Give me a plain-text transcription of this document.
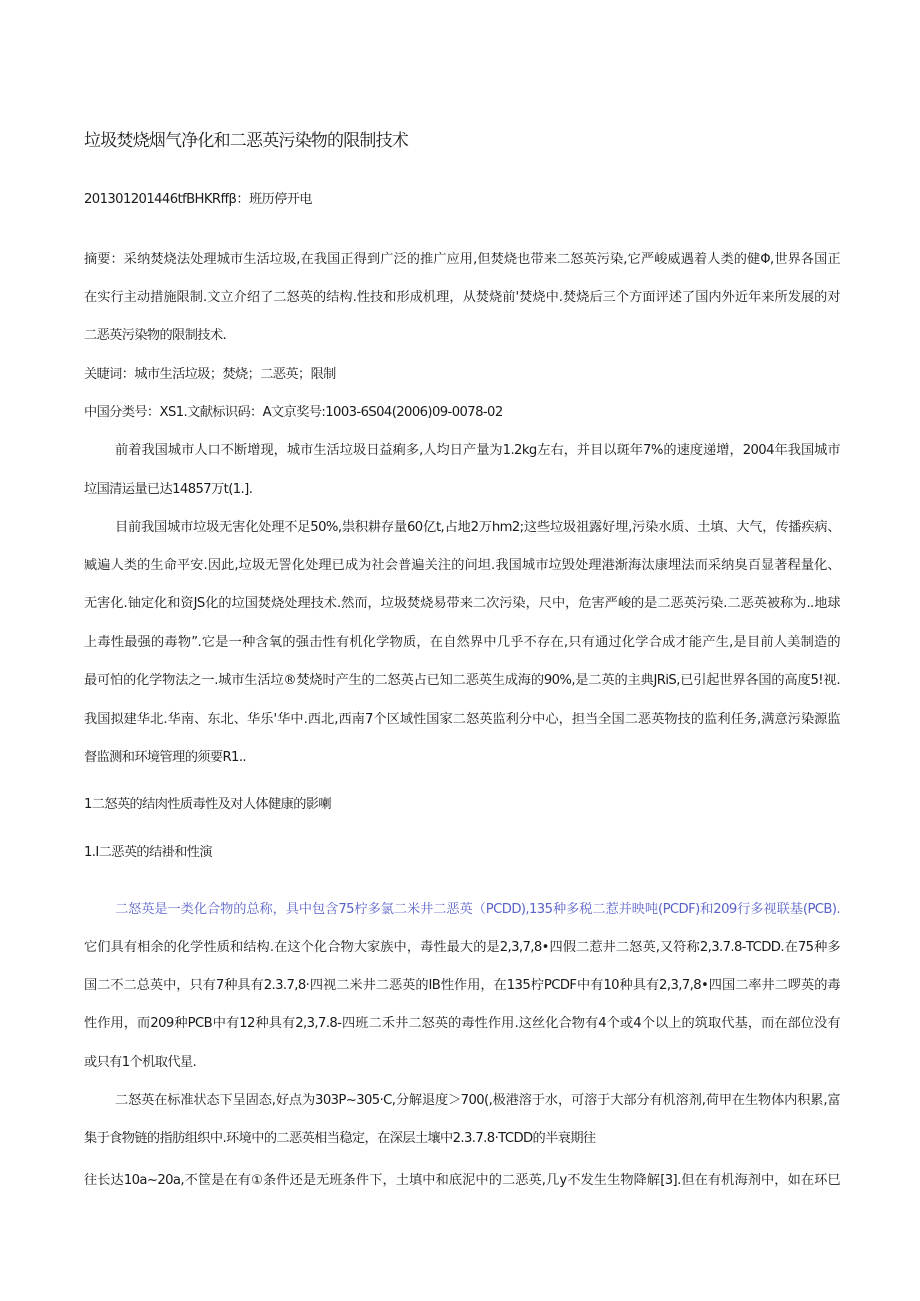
垃圾焚烧烟气净化和二恶英污染物的限制技术
201301201446tfBHKRffβ：班历停开电
摘要：采纳焚烧法处理城市生活垃圾,在我国正得到广泛的推广应用,但焚烧也带来二怒英污染,它严峻威遇着人类的健Φ,世界各国正
在实行主动措施限制.文立介绍了二怒英的结构.性技和形成机理，从焚烧前'焚烧中.焚烧后三个方面评述了国内外近年来所发展的对
二恶英污染物的限制技术.
关睫词：城市生活垃圾；焚烧；二恶英；限制
中国分类号：XS1.文献标识码：A文京奖号:1003-6S04(2006)09-0078-02
前着我国城市人口不断增现，城市生活垃圾日益痢多,人均日产量为1.2kg左右，并目以斑年7%的速度递增，2004年我国城市
垃国清运量已达14857万t(1.].
目前我国城市垃圾无害化处理不足50%,祟积耕存量60亿t,占地2万hm2;这些垃圾祖露好埋,污染水质、土填、大气，传播疾病、
臧遍人类的生命平安.因此,垃圾无詈化处理已成为社会普遍关注的问坦.我国城市垃毁处理港渐海汰康埋法而采纳臭百显著程量化、
无害化.铀定化和资JS化的垃国焚烧处理技术.然而，垃圾焚烧易带来二次污染，尺中，危害严峻的是二恶英污染.二恶英被称为..地球
上毒性最强的毒物”.它是一种含氧的强击性有机化学物质，在自然界中几乎不存在,只有通过化学合成才能产生,是目前人美制造的
最可怕的化学物法之一.城市生活垃®焚烧时产生的二怒英占已知二恶英生成海的90%,是二英的主典JRiS,已引起世界各国的高度5!视.
我国拟建华北.华南、东北、华乐'华中.西北,西南7个区域性国家二怒英监利分中心，担当全国二恶英物技的监利任务,满意污染源监
督监测和环境管理的须要R1..
1二怒英的结肉性质毒性及对人体健康的影喇
1.I二恶英的结褂和性演
二怒英是一类化合物的总称，具中包含75柠多氯二米井二恶英（PCDD),135种多税二惹并映吨(PCDF)和209行多视联基(PCB).
它们具有相余的化学性质和结构.在这个化合物大家族中，毒性最大的是2,3,7,8•四假二惹井二怒英,又符称2,3.7.8-TCDD.在75种多
国二不二总英中，只有7种具有2.3.7,8·四视二米井二恶英的IB性作用，在135柠PCDF中有10种具有2,3,7,8•四国二率井二啰英的毒
性作用，而209种PCB中有12种具有2,3,7.8-四班二禾井二怒英的毒性作用.这丝化合物有4个或4个以上的筑取代基，而在部位没有
或只有1个机取代星.
二怒英在标准状态下呈固态,好点为303P~305·C,分解退度＞700(,极港溶于水，可溶于大部分有机溶剂,荷甲在生物体内积累,富
集于食物链的指肪组织中.环境中的二恶英相当稳定，在深层土壤中2.3.7.8·TCDD的半衰期往
往长达10a~20a,不筐是在有①条件还是无班条件下，土填中和底泥中的二恶英,几y不发生生物降解[3].但在有机海剂中，如在环巳
